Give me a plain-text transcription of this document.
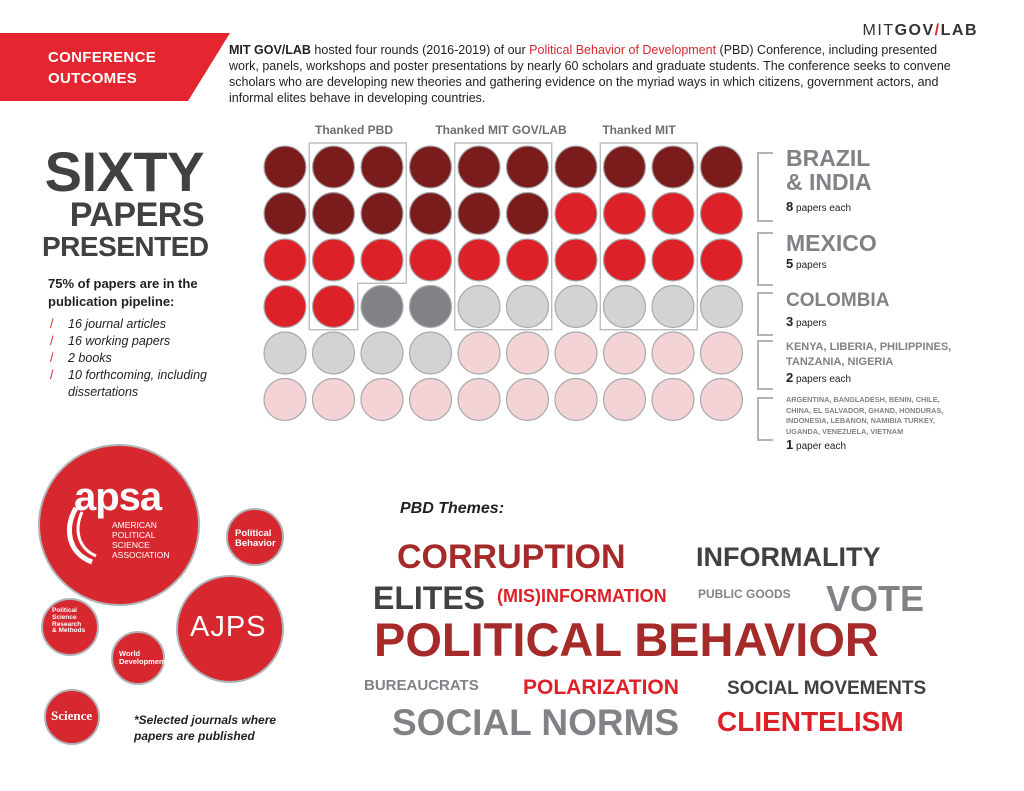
CONFERENCE
OUTCOMES
MITGOV/LAB
MIT GOV/LAB hosted four rounds (2016-2019) of our Political Behavior of Development (PBD) Conference, including presented work, panels, workshops and poster presentations by nearly 60 scholars and graduate students. The conference seeks to convene scholars who are developing new theories and gathering evidence on the myriad ways in which citizens, government actors, and informal elites behave in developing countries.
SIXTY
PAPERS
PRESENTED
75% of papers are in the publication pipeline:
/ 16 journal articles
/ 16 working papers
/ 2 books
/ 10 forthcoming, including dissertations
Thanked PBD	Thanked MIT GOV/LAB	Thanked MIT
BRAZIL
& INDIA
8 papers each
MEXICO
5 papers
COLOMBIA
3 papers
KENYA, LIBERIA, PHILIPPINES,
TANZANIA, NIGERIA
2 papers each
ARGENTINA, BANGLADESH, BENIN, CHILE,
CHINA, EL SALVADOR, GHAND, HONDURAS,
INDONESIA, LEBANON, NAMIBIA TURKEY,
UGANDA, VENEZUELA, VIETNAM
1 paper each
apsa
AMERICAN
POLITICAL
SCIENCE
ASSOCIATION
Political
Behavior
AJPS
Political
Science
Research
& Methods
World
Development
Science	*Selected journals where papers are published
PBD Themes:
CORRUPTION	INFORMALITY
ELITES (MIS)INFORMATION	PUBLIC GOODS VOTE
POLITICAL BEHAVIOR
BUREAUCRATS POLARIZATION	SOCIAL MOVEMENTS
SOCIAL NORMS CLIENTELISM
